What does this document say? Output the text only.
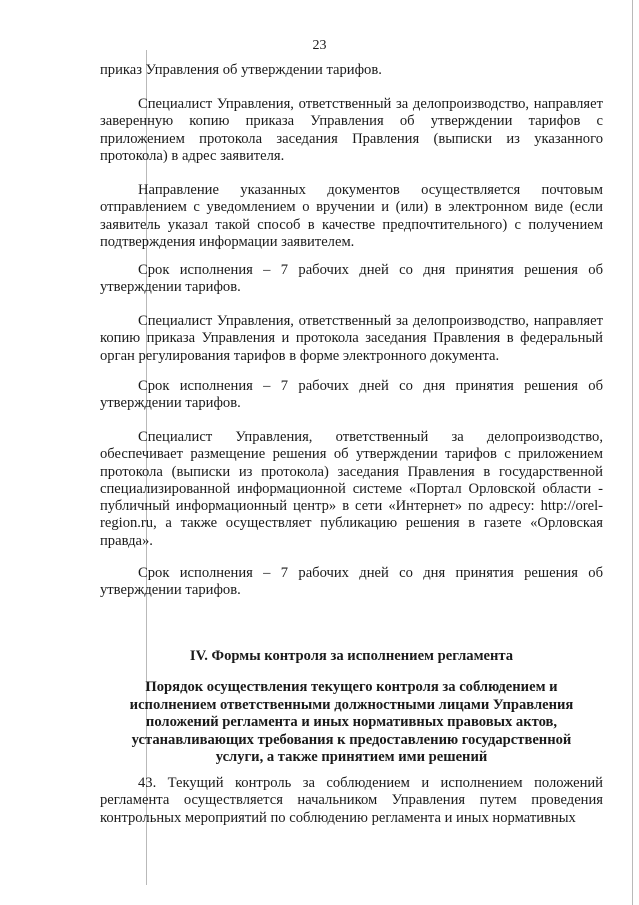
23

приказ Управления об утверждении тарифов.

Специалист Управления, ответственный за делопроизводство, направляет заверенную копию приказа Управления об утверждении тарифов с приложением протокола заседания Правления (выписки из указанного протокола) в адрес заявителя.

Направление указанных документов осуществляется почтовым отправлением с уведомлением о вручении и (или) в электронном виде (если заявитель указал такой способ в качестве предпочтительного) с получением подтверждения информации заявителем.

Срок исполнения – 7 рабочих дней со дня принятия решения об утверждении тарифов.

Специалист Управления, ответственный за делопроизводство, направляет копию приказа Управления и протокола заседания Правления в федеральный орган регулирования тарифов в форме электронного документа.

Срок исполнения – 7 рабочих дней со дня принятия решения об утверждении тарифов.

Специалист Управления, ответственный за делопроизводство, обеспечивает размещение решения об утверждении тарифов с приложением протокола (выписки из протокола) заседания Правления в государственной специализированной информационной системе «Портал Орловской области - публичный информационный центр» в сети «Интернет» по адресу: http://orel-region.ru, а также осуществляет публикацию решения в газете «Орловская правда».

Срок исполнения – 7 рабочих дней со дня принятия решения об утверждении тарифов.

IV. Формы контроля за исполнением регламента

Порядок осуществления текущего контроля за соблюдением и исполнением ответственными должностными лицами Управления положений регламента и иных нормативных правовых актов, устанавливающих требования к предоставлению государственной услуги, а также принятием ими решений

43. Текущий контроль за соблюдением и исполнением положений регламента осуществляется начальником Управления путем проведения контрольных мероприятий по соблюдению регламента и иных нормативных
